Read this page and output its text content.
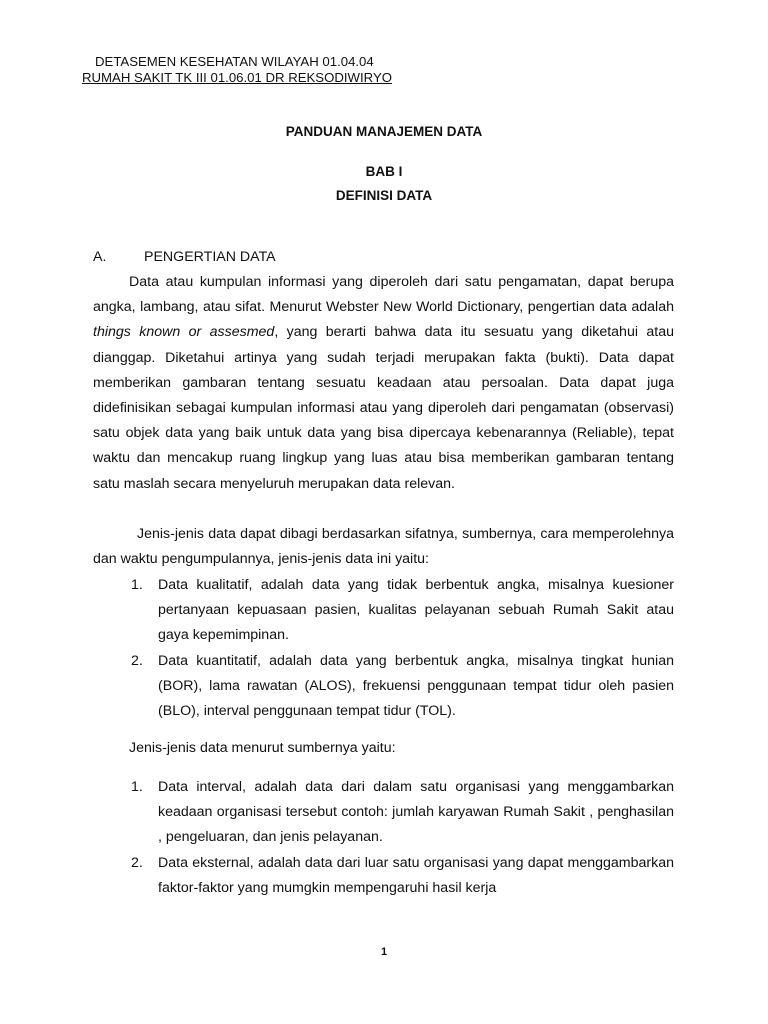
DETASEMEN KESEHATAN WILAYAH 01.04.04
RUMAH SAKIT TK III 01.06.01 DR REKSODIWIRYO
PANDUAN MANAJEMEN DATA
BAB I
DEFINISI DATA
A.	PENGERTIAN DATA
Data atau kumpulan informasi yang diperoleh dari satu pengamatan, dapat berupa angka, lambang, atau sifat. Menurut Webster New World Dictionary, pengertian data adalah things known or assesmed, yang berarti bahwa data itu sesuatu yang diketahui atau dianggap. Diketahui artinya yang sudah terjadi merupakan fakta (bukti). Data dapat memberikan gambaran tentang sesuatu keadaan atau persoalan. Data dapat juga didefinisikan sebagai kumpulan informasi atau yang diperoleh dari pengamatan (observasi) satu objek data yang baik untuk data yang bisa dipercaya kebenarannya (Reliable), tepat waktu dan mencakup ruang lingkup yang luas atau bisa memberikan gambaran tentang satu maslah secara menyeluruh merupakan data relevan.
Jenis-jenis data dapat dibagi berdasarkan sifatnya, sumbernya, cara memperolehnya dan waktu pengumpulannya, jenis-jenis data ini yaitu:
1.	Data kualitatif, adalah data yang tidak berbentuk angka, misalnya kuesioner pertanyaan kepuasaan pasien, kualitas pelayanan sebuah Rumah Sakit atau gaya kepemimpinan.
2.	Data kuantitatif, adalah data yang berbentuk angka, misalnya tingkat hunian (BOR), lama rawatan (ALOS), frekuensi penggunaan tempat tidur oleh pasien (BLO), interval penggunaan tempat tidur (TOL).
Jenis-jenis data menurut sumbernya yaitu:
1.	Data interval, adalah data dari dalam satu organisasi yang menggambarkan keadaan organisasi tersebut contoh: jumlah karyawan Rumah Sakit , penghasilan , pengeluaran, dan jenis pelayanan.
2.	Data eksternal, adalah data dari luar satu organisasi yang dapat menggambarkan faktor-faktor yang mumgkin mempengaruhi hasil kerja
1
